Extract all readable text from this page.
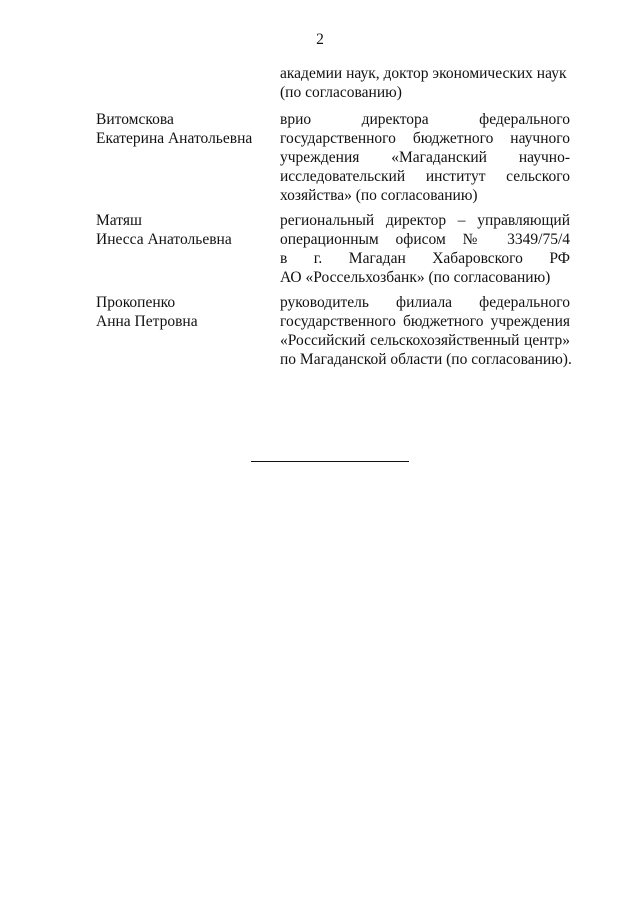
2
академии наук, доктор экономических наук
(по согласованию)
Витомскова
Екатерина Анатольевна
врио директора федерального
государственного бюджетного научного
учреждения «Магаданский научно-
исследовательский институт сельского
хозяйства» (по согласованию)
Матяш
Инесса Анатольевна
региональный директор – управляющий
операционным офисом № 3349/75/4
в г. Магадан Хабаровского РФ
АО «Россельхозбанк» (по согласованию)
Прокопенко
Анна Петровна
руководитель филиала федерального
государственного бюджетного учреждения
«Российский сельскохозяйственный центр»
по Магаданской области (по согласованию).
